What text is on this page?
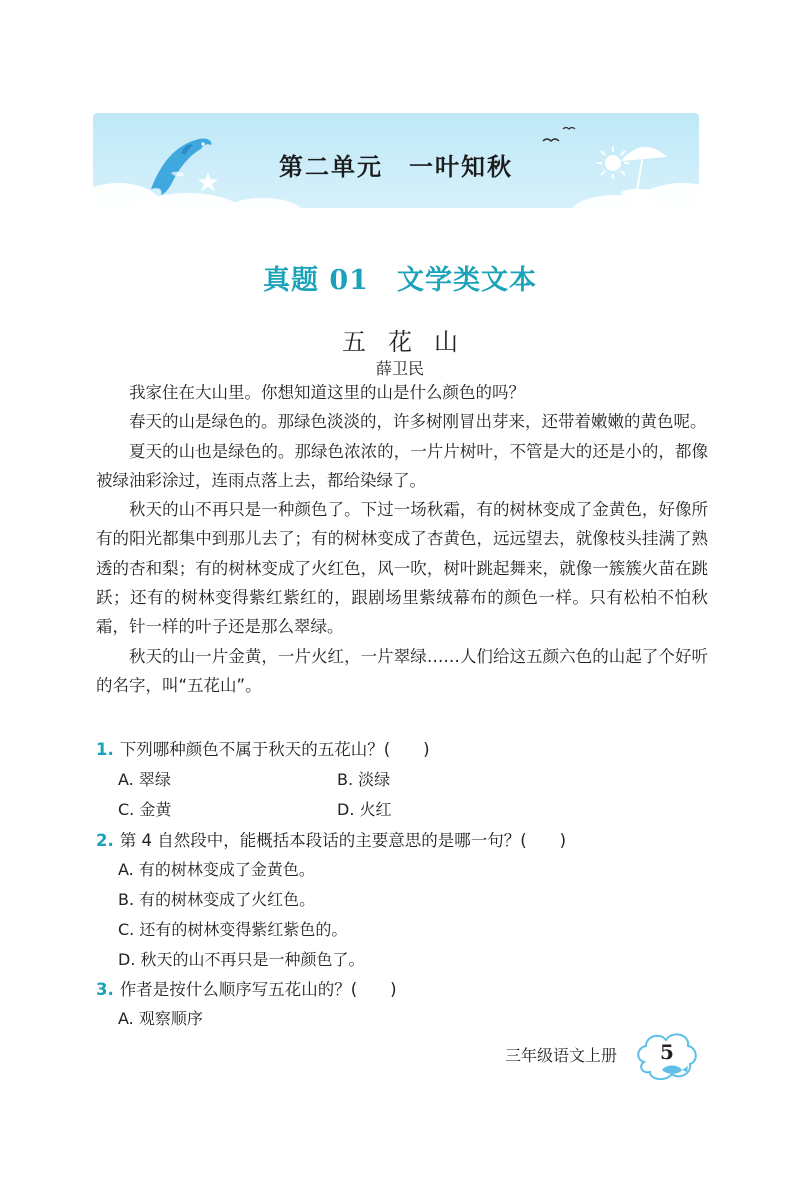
第二单元　一叶知秋
真题 01 文学类文本
五花山
薛卫民

我家住在大山里。你想知道这里的山是什么颜色的吗？

春天的山是绿色的。那绿色淡淡的，许多树刚冒出芽来，还带着嫩嫩的黄色呢。

夏天的山也是绿色的。那绿色浓浓的，一片片树叶，不管是大的还是小的，都像被绿油彩涂过，连雨点落上去，都给染绿了。

秋天的山不再只是一种颜色了。下过一场秋霜，有的树林变成了金黄色，好像所有的阳光都集中到那儿去了；有的树林变成了杏黄色，远远望去，就像枝头挂满了熟透的杏和梨；有的树林变成了火红色，风一吹，树叶跳起舞来，就像一簇簇火苗在跳跃；还有的树林变得紫红紫红的，跟剧场里紫绒幕布的颜色一样。只有松柏不怕秋霜，针一样的叶子还是那么翠绿。

秋天的山一片金黄，一片火红，一片翠绿……人们给这五颜六色的山起了个好听的名字，叫“五花山”。

1. 下列哪种颜色不属于秋天的五花山？(　　)
A. 翠绿	B. 淡绿
C. 金黄	D. 火红
2. 第 4 自然段中，能概括本段话的主要意思的是哪一句？(　　)
A. 有的树林变成了金黄色。
B. 有的树林变成了火红色。
C. 还有的树林变得紫红紫色的。
D. 秋天的山不再只是一种颜色了。
3. 作者是按什么顺序写五花山的？(　　)
A. 观察顺序
三年级语文上册 5
